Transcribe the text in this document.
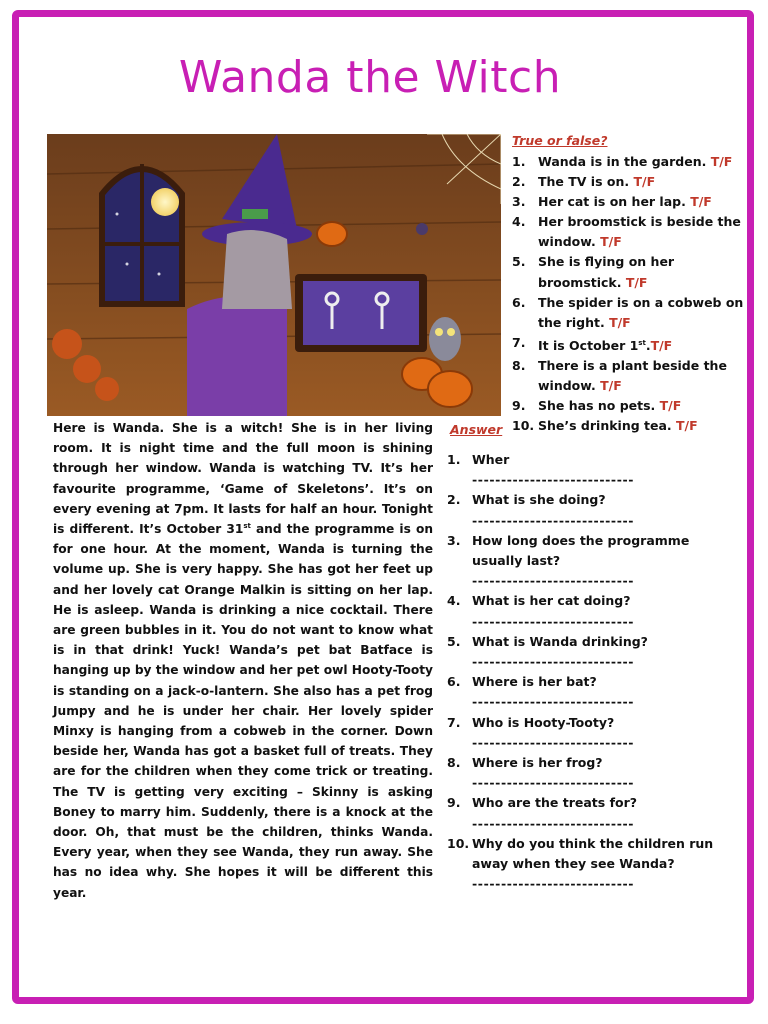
Wanda the Witch

Here is Wanda. She is a witch! She is in her living room. It is night time and the full moon is shining through her window. Wanda is watching TV. It’s her favourite programme, ‘Game of Skeletons’. It’s on every evening at 7pm. It lasts for half an hour. Tonight is different. It’s October 31st and the programme is on for one hour. At the moment, Wanda is turning the volume up. She is very happy. She has got her feet up and her lovely cat Orange Malkin is sitting on her lap. He is asleep. Wanda is drinking a nice cocktail. There are green bubbles in it. You do not want to know what is in that drink! Yuck! Wanda’s pet bat Batface is hanging up by the window and her pet owl Hooty-Tooty is standing on a jack-o-lantern. She also has a pet frog Jumpy and he is under her chair. Her lovely spider Minxy is hanging from a cobweb in the corner. Down beside her, Wanda has got a basket full of treats. They are for the children when they come trick or treating. The TV is getting very exciting – Skinny is asking Boney to marry him. Suddenly, there is a knock at the door. Oh, that must be the children, thinks Wanda. Every year, when they see Wanda, they run away. She has no idea why. She hopes it will be different this year.

True or false?
1.	Wanda is in the garden. T/F
2.	The TV is on. T/F
3.	Her cat is on her lap. T/F
4.	Her broomstick is beside the window. T/F
5.	She is flying on her broomstick. T/F
6.	The spider is on a cobweb on the right. T/F
7.	It is October 1st.T/F
8.	There is a plant beside the window. T/F
9.	She has no pets. T/F
10. She’s drinking tea. T/F
Answer
1. Wher
----------------------------
2. What is she doing?
----------------------------
3. How long does the programme usually last?
----------------------------
4. What is her cat doing?
----------------------------
5. What is Wanda drinking?
----------------------------
6. Where is her bat?
----------------------------
7. Who is Hooty-Tooty?
----------------------------
8. Where is her frog?
----------------------------
9. Who are the treats for?
----------------------------
10. Why do you think the children run away when they see Wanda?
----------------------------
